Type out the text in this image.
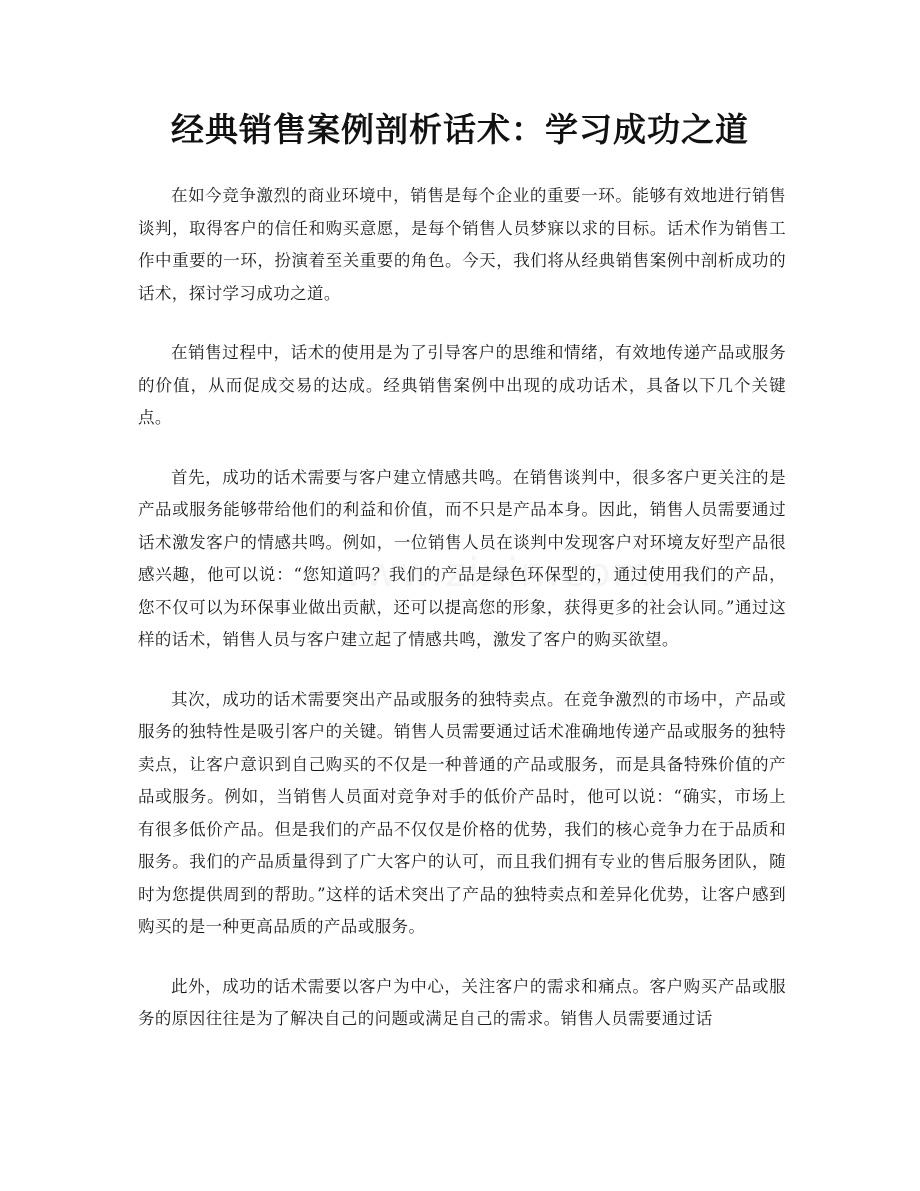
经典销售案例剖析话术：学习成功之道

在如今竞争激烈的商业环境中，销售是每个企业的重要一环。能够有效地进行销售谈判，取得客户的信任和购买意愿，是每个销售人员梦寐以求的目标。话术作为销售工作中重要的一环，扮演着至关重要的角色。今天，我们将从经典销售案例中剖析成功的话术，探讨学习成功之道。

在销售过程中，话术的使用是为了引导客户的思维和情绪，有效地传递产品或服务的价值，从而促成交易的达成。经典销售案例中出现的成功话术，具备以下几个关键点。

首先，成功的话术需要与客户建立情感共鸣。在销售谈判中，很多客户更关注的是产品或服务能够带给他们的利益和价值，而不只是产品本身。因此，销售人员需要通过话术激发客户的情感共鸣。例如，一位销售人员在谈判中发现客户对环境友好型产品很感兴趣，他可以说：“您知道吗？我们的产品是绿色环保型的，通过使用我们的产品，您不仅可以为环保事业做出贡献，还可以提高您的形象，获得更多的社会认同。”通过这样的话术，销售人员与客户建立起了情感共鸣，激发了客户的购买欲望。

其次，成功的话术需要突出产品或服务的独特卖点。在竞争激烈的市场中，产品或服务的独特性是吸引客户的关键。销售人员需要通过话术准确地传递产品或服务的独特卖点，让客户意识到自己购买的不仅是一种普通的产品或服务，而是具备特殊价值的产品或服务。例如，当销售人员面对竞争对手的低价产品时，他可以说：“确实，市场上有很多低价产品。但是我们的产品不仅仅是价格的优势，我们的核心竞争力在于品质和服务。我们的产品质量得到了广大客户的认可，而且我们拥有专业的售后服务团队，随时为您提供周到的帮助。”这样的话术突出了产品的独特卖点和差异化优势，让客户感到购买的是一种更高品质的产品或服务。

此外，成功的话术需要以客户为中心，关注客户的需求和痛点。客户购买产品或服务的原因往往是为了解决自己的问题或满足自己的需求。销售人员需要通过话
